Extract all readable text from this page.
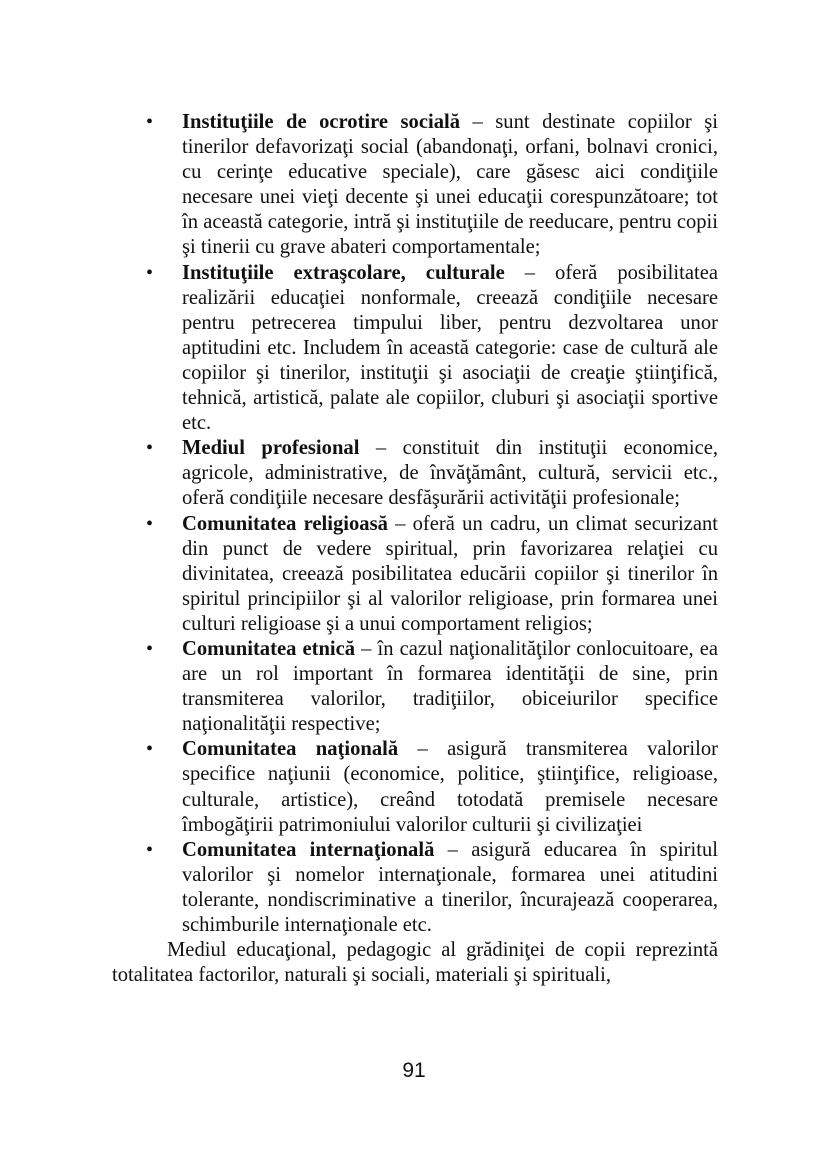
• Instituţiile de ocrotire socială – sunt destinate copiilor şi tinerilor defavorizaţi social (abandonaţi, orfani, bolnavi cronici, cu cerinţe educative speciale), care găsesc aici condiţiile necesare unei vieţi decente şi unei educaţii corespunzătoare; tot în această categorie, intră şi instituţiile de reeducare, pentru copii şi tinerii cu grave abateri comportamentale;
• Instituţiile extraşcolare, culturale – oferă posibilitatea realizării educaţiei nonformale, creează condiţiile necesare pentru petrecerea timpului liber, pentru dezvoltarea unor aptitudini etc. Includem în această categorie: case de cultură ale copiilor şi tinerilor, instituţii şi asociaţii de creaţie ştiinţifică, tehnică, artistică, palate ale copiilor, cluburi şi asociaţii sportive etc.
• Mediul profesional – constituit din instituţii economice, agricole, administrative, de învăţământ, cultură, servicii etc., oferă condiţiile necesare desfăşurării activităţii profesionale;
• Comunitatea religioasă – oferă un cadru, un climat securizant din punct de vedere spiritual, prin favorizarea relaţiei cu divinitatea, creează posibilitatea educării copiilor şi tinerilor în spiritul principiilor şi al valorilor religioase, prin formarea unei culturi religioase şi a unui comportament religios;
• Comunitatea etnică – în cazul naţionalităţilor conlocuitoare, ea are un rol important în formarea identităţii de sine, prin transmiterea valorilor, tradiţiilor, obiceiurilor specifice naţionalităţii respective;
• Comunitatea naţională – asigură transmiterea valorilor specifice naţiunii (economice, politice, ştiinţifice, religioase, culturale, artistice), creând totodată premisele necesare îmbogăţirii patrimoniului valorilor culturii şi civilizaţiei
• Comunitatea internaţională – asigură educarea în spiritul valorilor şi nomelor internaţionale, formarea unei atitudini tolerante, nondiscriminative a tinerilor, încurajează cooperarea, schimburile internaţionale etc.

Mediul educaţional, pedagogic al grădiniţei de copii reprezintă totalitatea factorilor, naturali şi sociali, materiali şi spirituali,

91
